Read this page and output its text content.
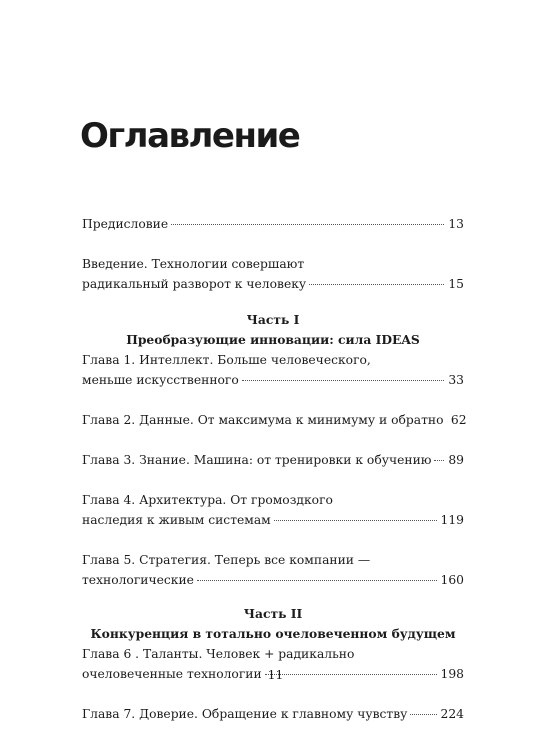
Оглавление
Предисловие	13
Введение. Технологии совершают
радикальный разворот к человеку	15
Часть I
Преобразующие инновации: сила IDEAS
Глава 1. Интеллект. Больше человеческого,
меньше искусственного	33
Глава 2. Данные. От максимума к минимуму и обратно 62
Глава 3. Знание. Машина: от тренировки к обучению 89
Глава 4. Архитектура. От громоздкого
наследия к живым системам	119
Глава 5. Стратегия. Теперь все компании —
технологические	160
Часть II
Конкуренция в тотально очеловеченном будущем
Глава 6 . Таланты. Человек + радикально
очеловеченные технологии	198
Глава 7. Доверие. Обращение к главному чувству	224
11
